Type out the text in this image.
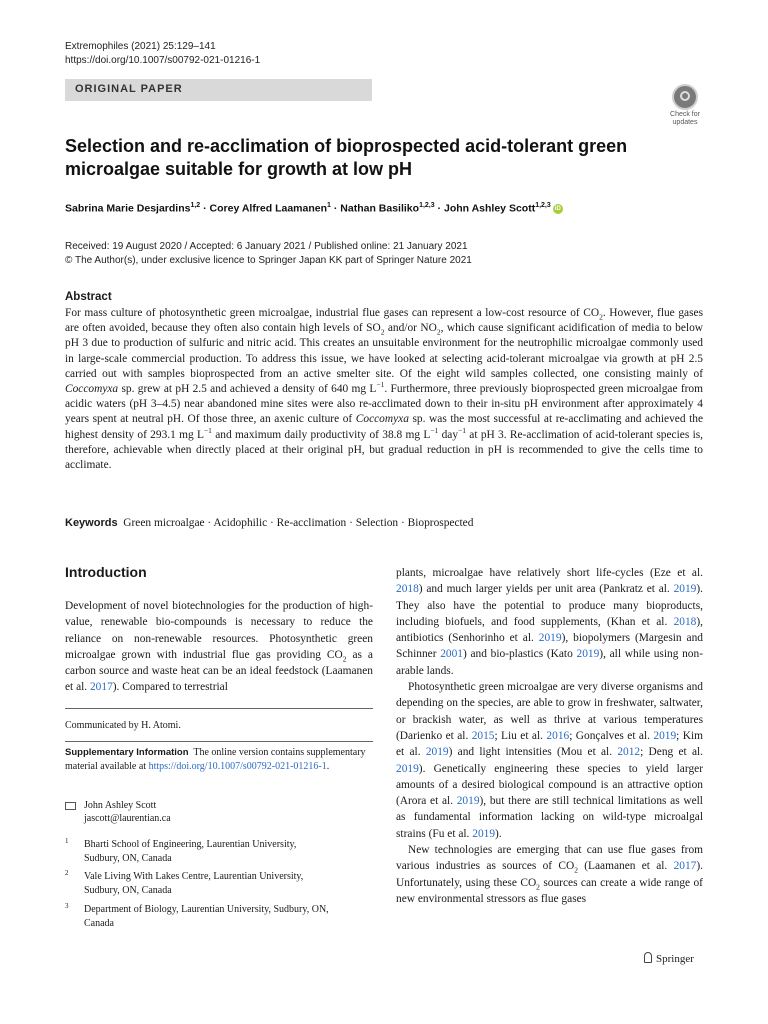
Extremophiles (2021) 25:129–141
https://doi.org/10.1007/s00792-021-01216-1
ORIGINAL PAPER
Check for
updates
Selection and re-acclimation of bioprospected acid-tolerant green microalgae suitable for growth at low pH
Sabrina Marie Desjardins$^{1,2}$ · Corey Alfred Laamanen$^1$ · Nathan Basiliko$^{1,2,3}$ · John Ashley Scott$^{1,2,3}$ iD
Received: 19 August 2020 / Accepted: 6 January 2021 / Published online: 21 January 2021
© The Author(s), under exclusive licence to Springer Japan KK part of Springer Nature 2021
Abstract
For mass culture of photosynthetic green microalgae, industrial flue gases can represent a low-cost resource of $CO_2$. However, flue gases are often avoided, because they often also contain high levels of $SO_2$ and/or $NO_2$, which cause significant acidification of media to below pH 3 due to production of sulfuric and nitric acid. This creates an unsuitable environment for the neutrophilic microalgae commonly used in large-scale commercial production. To address this issue, we have looked at selecting acid-tolerant microalgae via growth at pH 2.5 carried out with samples bioprospected from an active smelter site. Of the eight wild samples collected, one consisting mainly of Coccomyxa sp. grew at pH 2.5 and achieved a density of 640 mg $L^{-1}$. Furthermore, three previously bioprospected green microalgae from acidic waters (pH 3–4.5) near abandoned mine sites were also re-acclimated down to their in-situ pH environment after approximately 4 years spent at neutral pH. Of those three, an axenic culture of Coccomyxa sp. was the most successful at re-acclimating and achieved the highest density of 293.1 mg $L^{-1}$ and maximum daily productivity of 38.8 mg $L^{-1}$ day$^{-1}$ at pH 3. Re-acclimation of acid-tolerant species is, therefore, achievable when directly placed at their original pH, but gradual reduction in pH is recommended to give the cells time to acclimate.
Keywords Green microalgae · Acidophilic · Re-acclimation · Selection · Bioprospected
Introduction
Development of novel biotechnologies for the production of high-value, renewable bio-compounds is necessary to reduce the reliance on non-renewable resources. Photosynthetic green microalgae grown with industrial flue gas providing $CO_2$ as a carbon source and waste heat can be an ideal feedstock (Laamanen et al. 2017). Compared to terrestrial
plants, microalgae have relatively short life-cycles (Eze et al. 2018) and much larger yields per unit area (Pankratz et al. 2019). They also have the potential to produce many bioproducts, including biofuels, and food supplements, (Khan et al. 2018), antibiotics (Senhorinho et al. 2019), biopolymers (Margesin and Schinner 2001) and bio-plastics (Kato 2019), all while using non-arable lands.
Photosynthetic green microalgae are very diverse organisms and depending on the species, are able to grow in freshwater, saltwater, or brackish water, as well as thrive at various temperatures (Darienko et al. 2015; Liu et al. 2016; Gonçalves et al. 2019; Kim et al. 2019) and light intensities (Mou et al. 2012; Deng et al. 2019). Genetically engineering these species to yield larger amounts of a desired biological compound is an attractive option (Arora et al. 2019), but there are still technical limitations as well as fundamental information lacking on wild-type microalgal strains (Fu et al. 2019).
New technologies are emerging that can use flue gases from various industries as sources of $CO_2$ (Laamanen et al. 2017). Unfortunately, using these $CO_2$ sources can create a wide range of new environmental stressors as flue gases
Communicated by H. Atomi.
Supplementary Information The online version contains supplementary material available at https://doi.org/10.1007/s00792-021-01216-1.
John Ashley Scott
jascott@laurentian.ca
1 Bharti School of Engineering, Laurentian University,
Sudbury, ON, Canada
2 Vale Living With Lakes Centre, Laurentian University,
Sudbury, ON, Canada
3 Department of Biology, Laurentian University, Sudbury, ON,
Canada
Springer
